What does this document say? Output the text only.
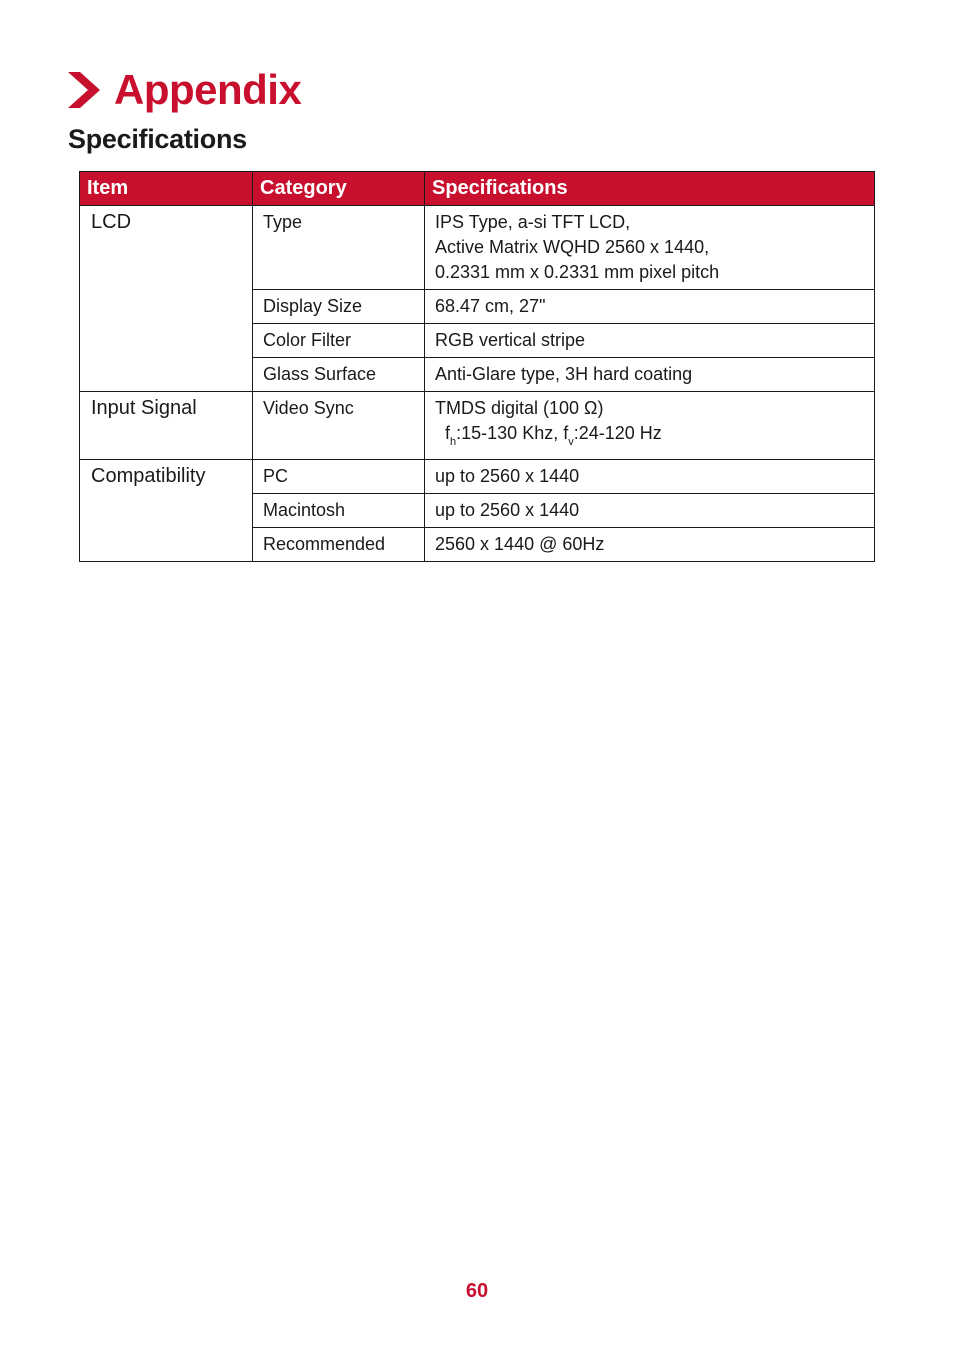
Appendix
Specifications
Item	Category	Specifications
LCD	Type	IPS Type, a-si TFT LCD,
Active Matrix WQHD 2560 x 1440,
0.2331 mm x 0.2331 mm pixel pitch

	Display Size	68.47 cm, 27"
	Color Filter	RGB vertical stripe
	Glass Surface	Anti-Glare type, 3H hard coating
Input Signal	Video Sync	TMDS digital (100 Ω)
$f_h:15-130$ Khz, $f_v:24-120$ Hz

Compatibility	PC	up to 2560 x 1440
	Macintosh	up to 2560 x 1440
	Recommended	2560 x 1440 @ 60Hz
60
